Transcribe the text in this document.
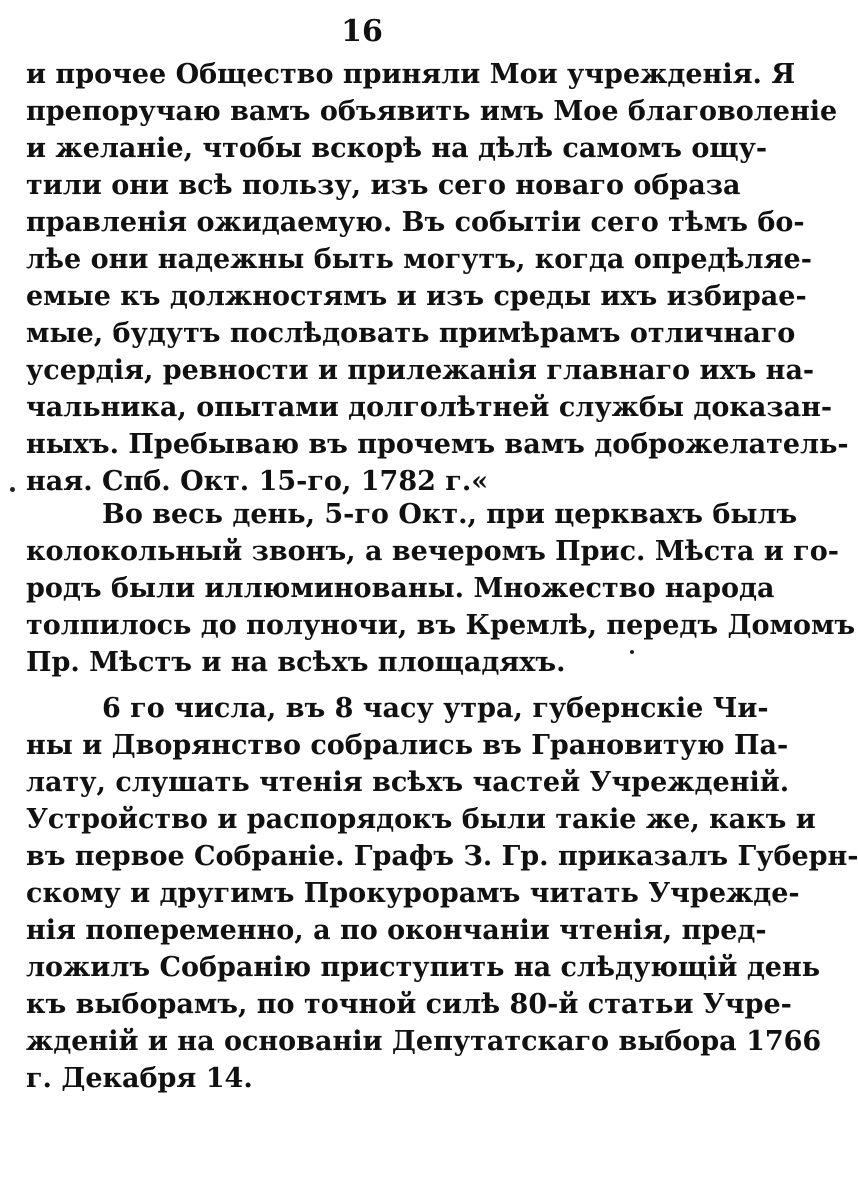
16
и прочее Общество приняли Мои учрежденія. Я
препоручаю вамъ объявить имъ Мое благоволеніе
и желаніе, чтобы вскорѣ на дѣлѣ самомъ ощу-
тили они всѣ пользу, изъ сего новаго образа
правленія ожидаемую. Въ событіи сего тѣмъ бо-
лѣе они надежны быть могутъ, когда опредѣляе-
емые къ должностямъ и изъ среды ихъ избирае-
мые, будутъ послѣдовать примѣрамъ отличнаго
усердія, ревности и прилежанія главнаго ихъ на-
чальника, опытами долголѣтней службы доказан-
ныхъ. Пребываю въ прочемъ вамъ доброжелатель-
ная. Спб. Окт. 15-го, 1782 г.«
Во весь день, 5-го Окт., при церквахъ былъ
колокольный звонъ, а вечеромъ Прис. Мѣста и го-
родъ были иллюминованы. Множество народа
толпилось до полуночи, въ Кремлѣ, передъ Домомъ
Пр. Мѣстъ и на всѣхъ площадяхъ.
6 го числа, въ 8 часу утра, губернскіе Чи-
ны и Дворянство собрались въ Грановитую Па-
лату, слушать чтенія всѣхъ частей Учрежденій.
Устройство и распорядокъ были такіе же, какъ и
въ первое Собраніе. Графъ З. Гр. приказалъ Губерн-
скому и другимъ Прокурорамъ читать Учрежде-
нія попеременно, а по окончаніи чтенія, пред-
ложилъ Собранію приступить на слѣдующій день
къ выборамъ, по точной силѣ 80-й статьи Учре-
жденій и на основаніи Депутатскаго выбора 1766
г. Декабря 14.
